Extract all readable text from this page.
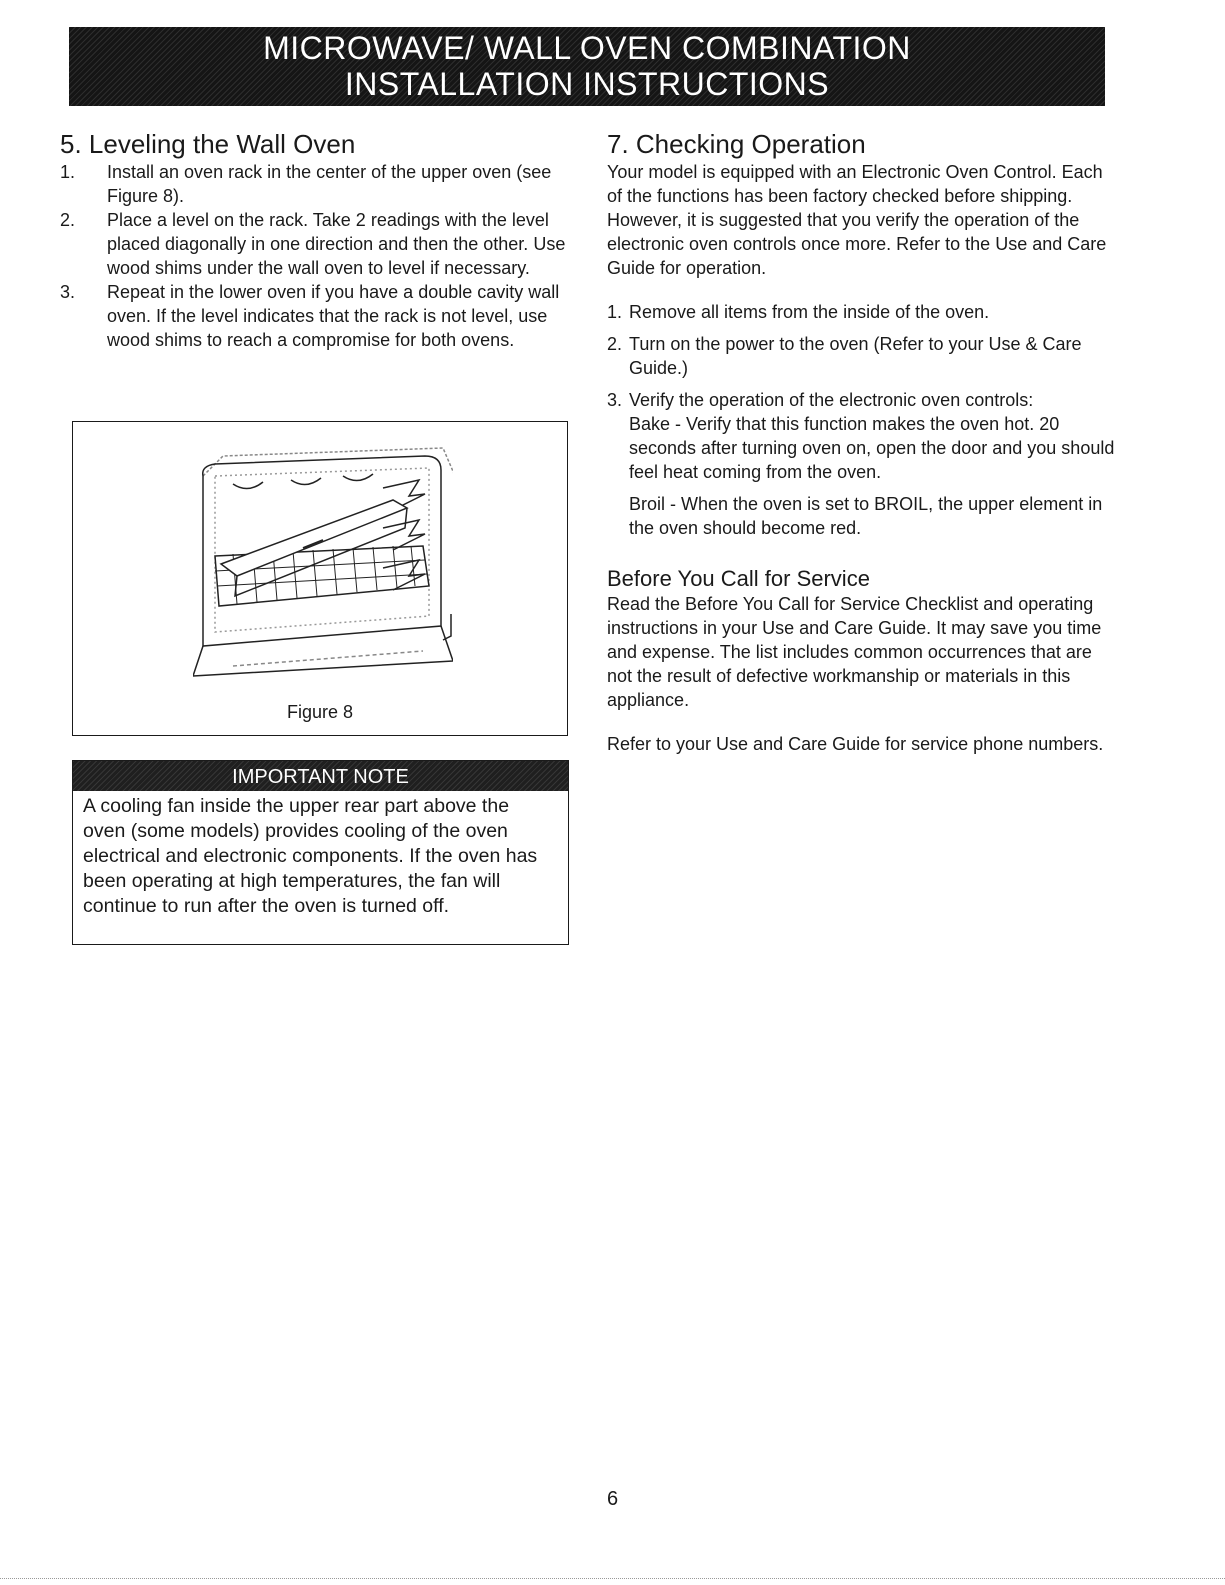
MICROWAVE/ WALL OVEN COMBINATION
INSTALLATION INSTRUCTIONS
5. Leveling the Wall Oven
1.	Install an oven rack in the center of the upper oven (see Figure 8).
2.	Place a level on the rack. Take 2 readings with the level placed diagonally in one direction and then the other. Use wood shims under the wall oven to level if necessary.
3.	Repeat in the lower oven if you have a double cavity wall oven. If the level indicates that the rack is not level, use wood shims to reach a compromise for both ovens.
Figure 8
IMPORTANT NOTE
A cooling fan inside the upper rear part above the oven (some models) provides cooling of the oven electrical and electronic components. If the oven has been operating at high temperatures, the fan will continue to run after the oven is turned off.
7. Checking Operation

Your model is equipped with an Electronic Oven Control. Each of the functions has been factory checked before shipping. However, it is suggested that you verify the operation of the electronic oven controls once more. Refer to the Use and Care Guide for operation.

1. Remove all items from the inside of the oven.
2. Turn on the power to the oven (Refer to your Use & Care Guide.)
3. Verify the operation of the electronic oven controls:

Bake - Verify that this function makes the oven hot. 20 seconds after turning oven on, open the door and you should feel heat coming from the oven.

Broil - When the oven is set to BROIL, the upper element in the oven should become red.

Before You Call for Service

Read the Before You Call for Service Checklist and operating instructions in your Use and Care Guide. It may save you time and expense. The list includes common occurrences that are not the result of defective workmanship or materials in this appliance.

Refer to your Use and Care Guide for service phone numbers.

6
